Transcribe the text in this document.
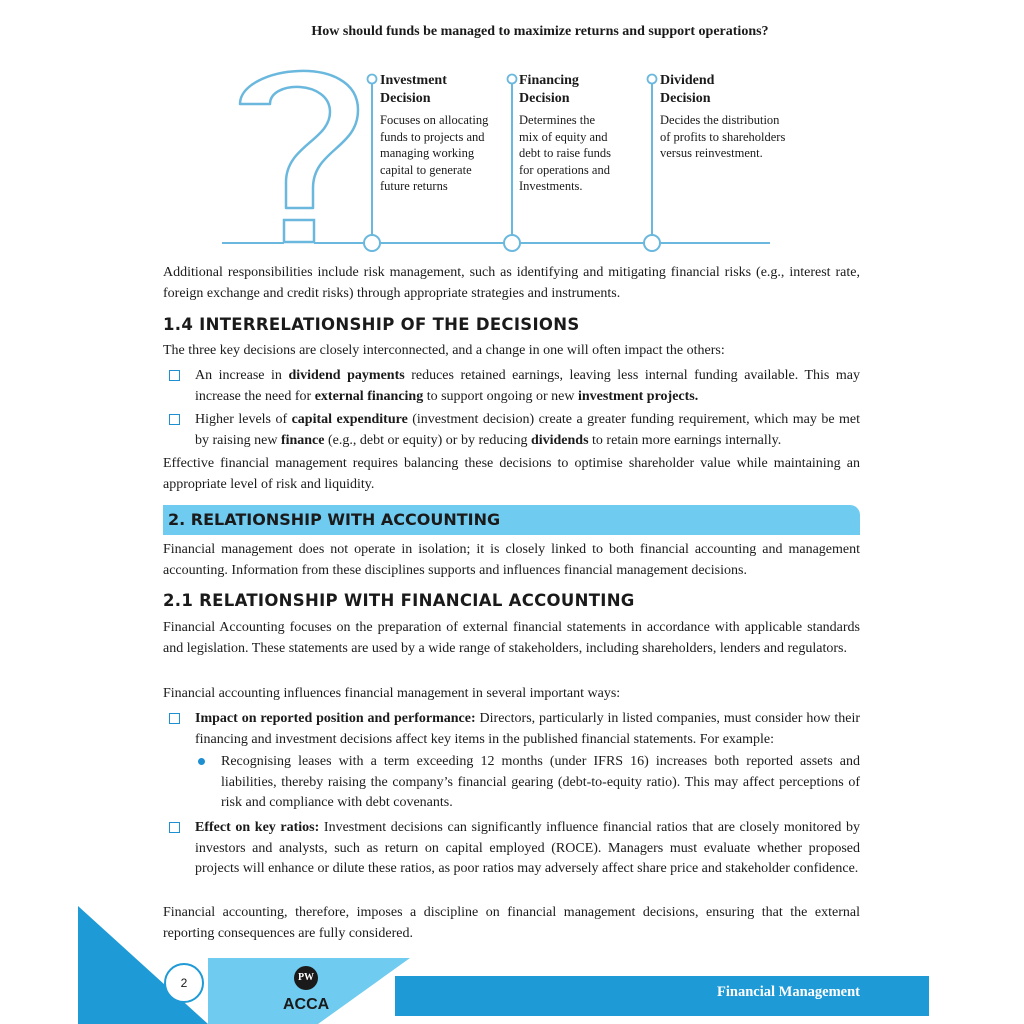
How should funds be managed to maximize returns and support operations?
Investment
Decision
Focuses on allocating
funds to projects and
managing working
capital to generate
future returns
Financing
Decision
Determines the
mix of equity and
debt to raise funds
for operations and
Investments.
Dividend
Decision
Decides the distribution
of profits to shareholders
versus reinvestment.

Additional responsibilities include risk management, such as identifying and mitigating financial risks (e.g., interest rate, foreign exchange and credit risks) through appropriate strategies and instruments.

1.4 INTERRELATIONSHIP OF THE DECISIONS

The three key decisions are closely interconnected, and a change in one will often impact the others:

An increase in dividend payments reduces retained earnings, leaving less internal funding available. This may increase the need for external financing to support ongoing or new investment projects.

Higher levels of capital expenditure (investment decision) create a greater funding requirement, which may be met by raising new finance (e.g., debt or equity) or by reducing dividends to retain more earnings internally.

Effective financial management requires balancing these decisions to optimise shareholder value while maintaining an appropriate level of risk and liquidity.

2. RELATIONSHIP WITH ACCOUNTING

Financial management does not operate in isolation; it is closely linked to both financial accounting and management accounting. Information from these disciplines supports and influences financial management decisions.

2.1 RELATIONSHIP WITH FINANCIAL ACCOUNTING

Financial Accounting focuses on the preparation of external financial statements in accordance with applicable standards and legislation. These statements are used by a wide range of stakeholders, including shareholders, lenders and regulators.

Financial accounting influences financial management in several important ways:

Impact on reported position and performance: Directors, particularly in listed companies, must consider how their financing and investment decisions affect key items in the published financial statements. For example:

Recognising leases with a term exceeding 12 months (under IFRS 16) increases both reported assets and liabilities, thereby raising the company’s financial gearing (debt-to-equity ratio). This may affect perceptions of risk and compliance with debt covenants.

Effect on key ratios: Investment decisions can significantly influence financial ratios that are closely monitored by investors and analysts, such as return on capital employed (ROCE). Managers must evaluate whether proposed projects will enhance or dilute these ratios, as poor ratios may adversely affect share price and stakeholder confidence.

Financial accounting, therefore, imposes a discipline on financial management decisions, ensuring that the external reporting consequences are fully considered.

Financial Management
2	PW
ACCA
